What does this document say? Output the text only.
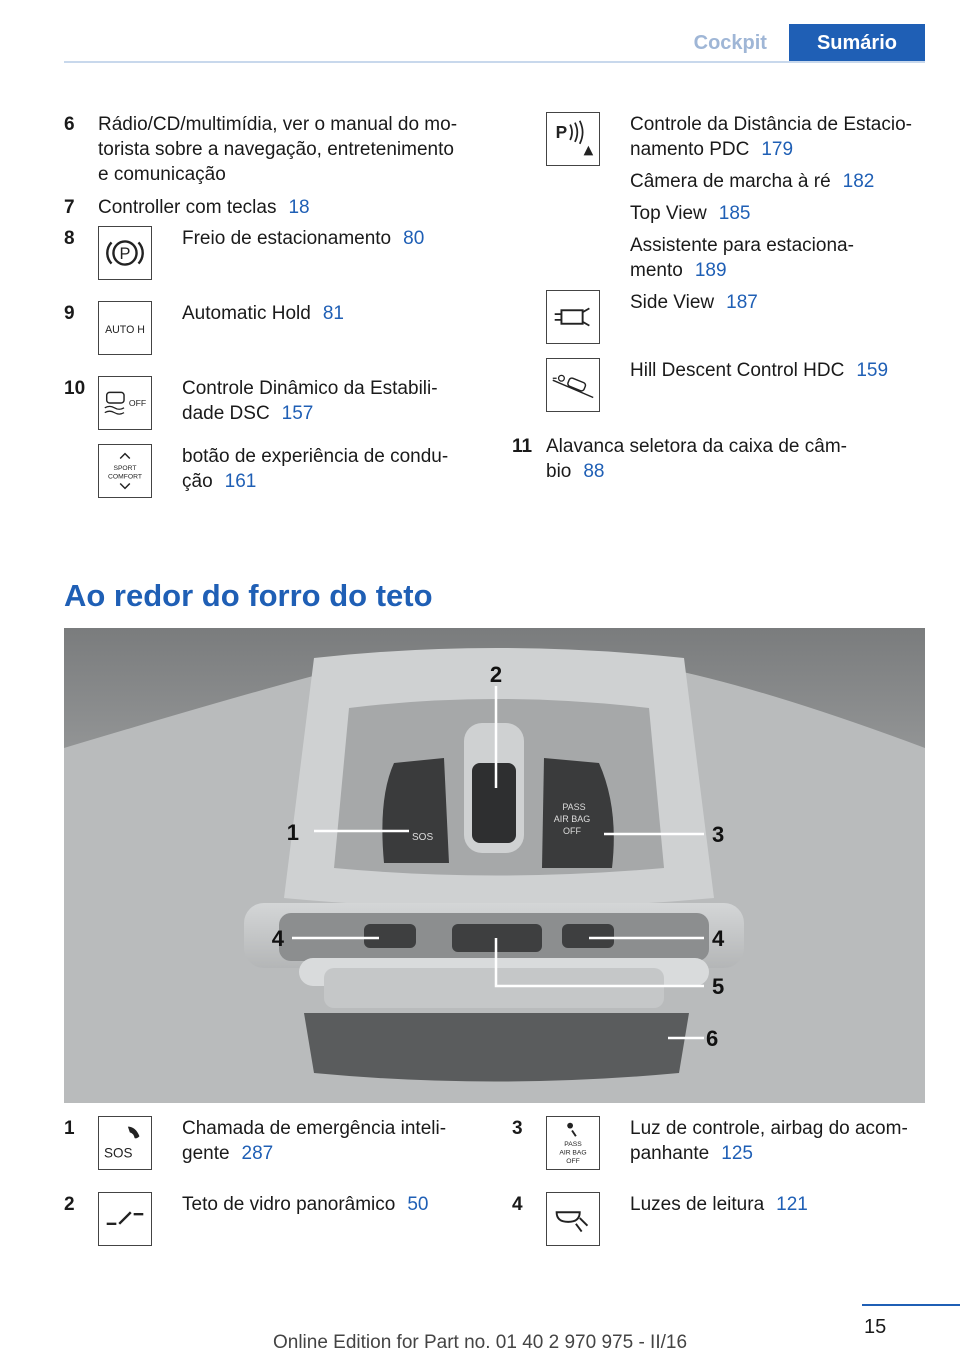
Cockpit	Sumário
6 Rádio/CD/multimídia, ver o manual do mo-
torista sobre a navegação, entretenimento
e comunicação
7 Controller com teclas 18
8
P
Freio de estacionamento 80
9
AUTO H
Automatic Hold 81
10
OFF
Controle Dinâmico da Estabili-
dade DSC 157
SPORT
COMFORT
botão de experiência de condu-
ção 161
P	Controle da Distância de Estacio-
namento PDC 179
Câmera de marcha à ré 182
Top View 185
Assistente para estaciona-
mento 189
Side View 187
Hill Descent Control HDC 159
11 Alavanca seletora da caixa de câm-
bio 88
Ao redor do forro do teto
SOS
PASS
AIR BAG
OFF
1
2
3
4	4
5
6
1
SOS
Chamada de emergência inteli-
gente 287
2	Teto de vidro panorâmico 50
3
PASS
AIR BAG
OFF
Luz de controle, airbag do acom-
panhante 125
4	Luzes de leitura 121
15
Online Edition for Part no. 01 40 2 970 975 - II/16
